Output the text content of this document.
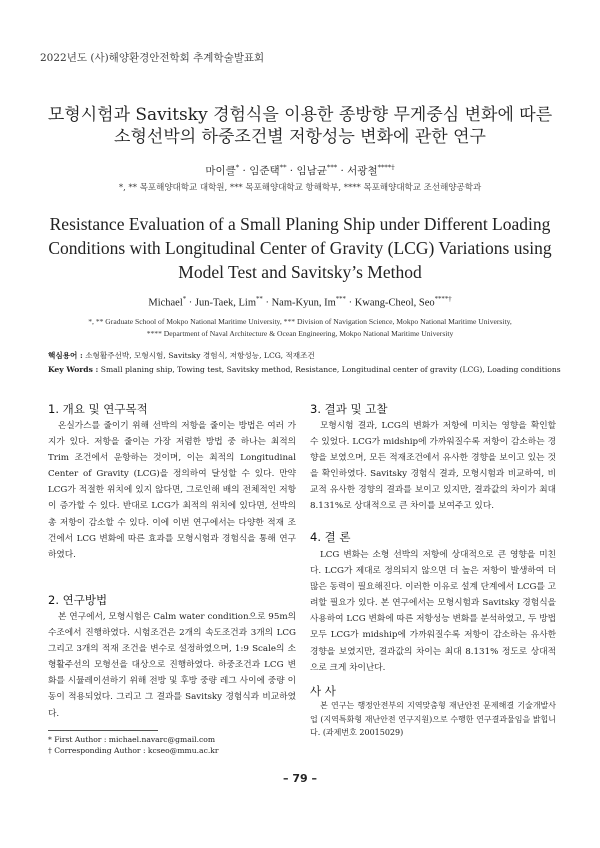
2022년도 (사)해양환경안전학회 추계학술발표회
모형시험과 Savitsky 경험식을 이용한 종방향 무게중심 변화에 따른
소형선박의 하중조건별 저항성능 변화에 관한 연구
마이클* · 임준택** · 임남균*** · 서광철****†
*, ** 목포해양대학교 대학원, *** 목포해양대학교 항해학부, **** 목포해양대학교 조선해양공학과
Resistance Evaluation of a Small Planing Ship under Different Loading
Conditions with Longitudinal Center of Gravity (LCG) Variations using
Model Test and Savitsky’s Method
Michael* · Jun-Taek, Lim** · Nam-Kyun, Im*** · Kwang-Cheol, Seo****†
*, ** Graduate School of Mokpo National Maritime University, *** Division of Navigation Science, Mokpo National Maritime University,
**** Department of Naval Architecture & Ocean Engineering, Mokpo National Maritime University
핵심용어 : 소형활주선박, 모형시험, Savitsky 경험식, 저항성능, LCG, 적재조건
Key Words : Small planing ship, Towing test, Savitsky method, Resistance, Longitudinal center of gravity (LCG), Loading conditions
1. 개요 및 연구목적

온실가스를 줄이기 위해 선박의 저항을 줄이는 방법은 여러 가지가 있다. 저항을 줄이는 가장 저렴한 방법 중 하나는 최적의 Trim 조건에서 운항하는 것이며, 이는 최적의 Longitudinal Center of Gravity (LCG)을 정의하여 달성할 수 있다. 만약 LCG가 적절한 위치에 있지 않다면, 그로인해 배의 전체적인 저항이 증가할 수 있다. 반대로 LCG가 최적의 위치에 있다면, 선박의 총 저항이 감소할 수 있다. 이에 이번 연구에서는 다양한 적재 조건에서 LCG 변화에 따른 효과를 모형시험과 경험식을 통해 연구하였다.

2. 연구방법

본 연구에서, 모형시험은 Calm water condition으로 95m의 수조에서 진행하였다. 시험조건은 2개의 속도조건과 3개의 LCG 그리고 3개의 적재 조건을 변수로 설정하였으며, 1:9 Scale의 소형활주선의 모형선을 대상으로 진행하였다. 하중조건과 LCG 변화를 시뮬레이션하기 위해 전방 및 후방 중량 레그 사이에 중량 이동이 적용되었다. 그리고 그 결과를 Savitsky 경험식과 비교하였다.

* First Author : michael.navarc@gmail.com
† Corresponding Author : kcseo@mmu.ac.kr
3. 결과 및 고찰

모형시험 결과, LCG의 변화가 저항에 미치는 영향을 확인할 수 있었다. LCG가 midship에 가까워질수록 저항이 감소하는 경향을 보였으며, 모든 적재조건에서 유사한 경향을 보이고 있는 것을 확인하였다. Savitsky 경험식 결과, 모형시험과 비교하여, 비교적 유사한 경향의 결과를 보이고 있지만, 결과값의 차이가 최대 8.131%로 상대적으로 큰 차이를 보여주고 있다.

4. 결 론

LCG 변화는 소형 선박의 저항에 상대적으로 큰 영향을 미친다. LCG가 제대로 정의되지 않으면 더 높은 저항이 발생하여 더 많은 동력이 필요해진다. 이러한 이유로 설계 단계에서 LCG를 고려할 필요가 있다. 본 연구에서는 모형시험과 Savitsky 경험식을 사용하여 LCG 변화에 따른 저항성능 변화를 분석하였고, 두 방법 모두 LCG가 midship에 가까워질수록 저항이 감소하는 유사한 경향을 보였지만, 결과값의 차이는 최대 8.131% 정도로 상대적으로 크게 차이난다.

사 사

본 연구는 행정안전부의 지역맞춤형 재난안전 문제해결 기술개발사업 (지역특화형 재난안전 연구지원)으로 수행한 연구결과물임을 밝힙니다. (과제번호 20015029)

– 79 –
